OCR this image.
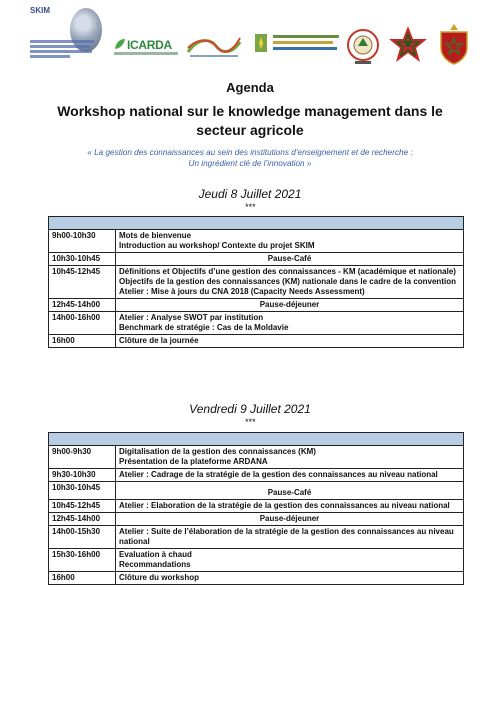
SKIM
ICARDA
Agenda
Workshop national sur le knowledge management dans le
secteur agricole
« La gestion des connaissances au sein des institutions d’enseignement et de recherche :
Un ingrédient clé de l’innovation »
Jeudi 8 Juillet 2021
***

9h00-10h30	Mots de bienvenue
Introduction au workshop/ Contexte du projet SKIM

10h30-10h45	Pause-Café

10h45-12h45	Définitions et Objectifs d’une gestion des connaissances - KM (académique et nationale)
Objectifs de la gestion des connaissances (KM) nationale dans le cadre de la convention
Atelier : Mise à jours du CNA 2018 (Capacity Needs Assessment)

12h45-14h00	Pause-déjeuner

14h00-16h00	Atelier : Analyse SWOT par institution
Benchmark de stratégie : Cas de la Moldavie

16h00	Clôture de la journée
Vendredi 9 Juillet 2021
***

9h00-9h30	Digitalisation de la gestion des connaissances (KM)
Présentation de la plateforme ARDANA

9h30-10h30	Atelier : Cadrage de la stratégie de la gestion des connaissances au niveau national

10h30-10h45	Pause-Café

10h45-12h45	Atelier : Elaboration de la stratégie de la gestion des connaissances au niveau national

12h45-14h00	Pause-déjeuner

14h00-15h30	Atelier : Suite de l’élaboration de la stratégie de la gestion des connaissances au niveau national

15h30-16h00	Evaluation à chaud
Recommandations

16h00	Clôture du workshop
